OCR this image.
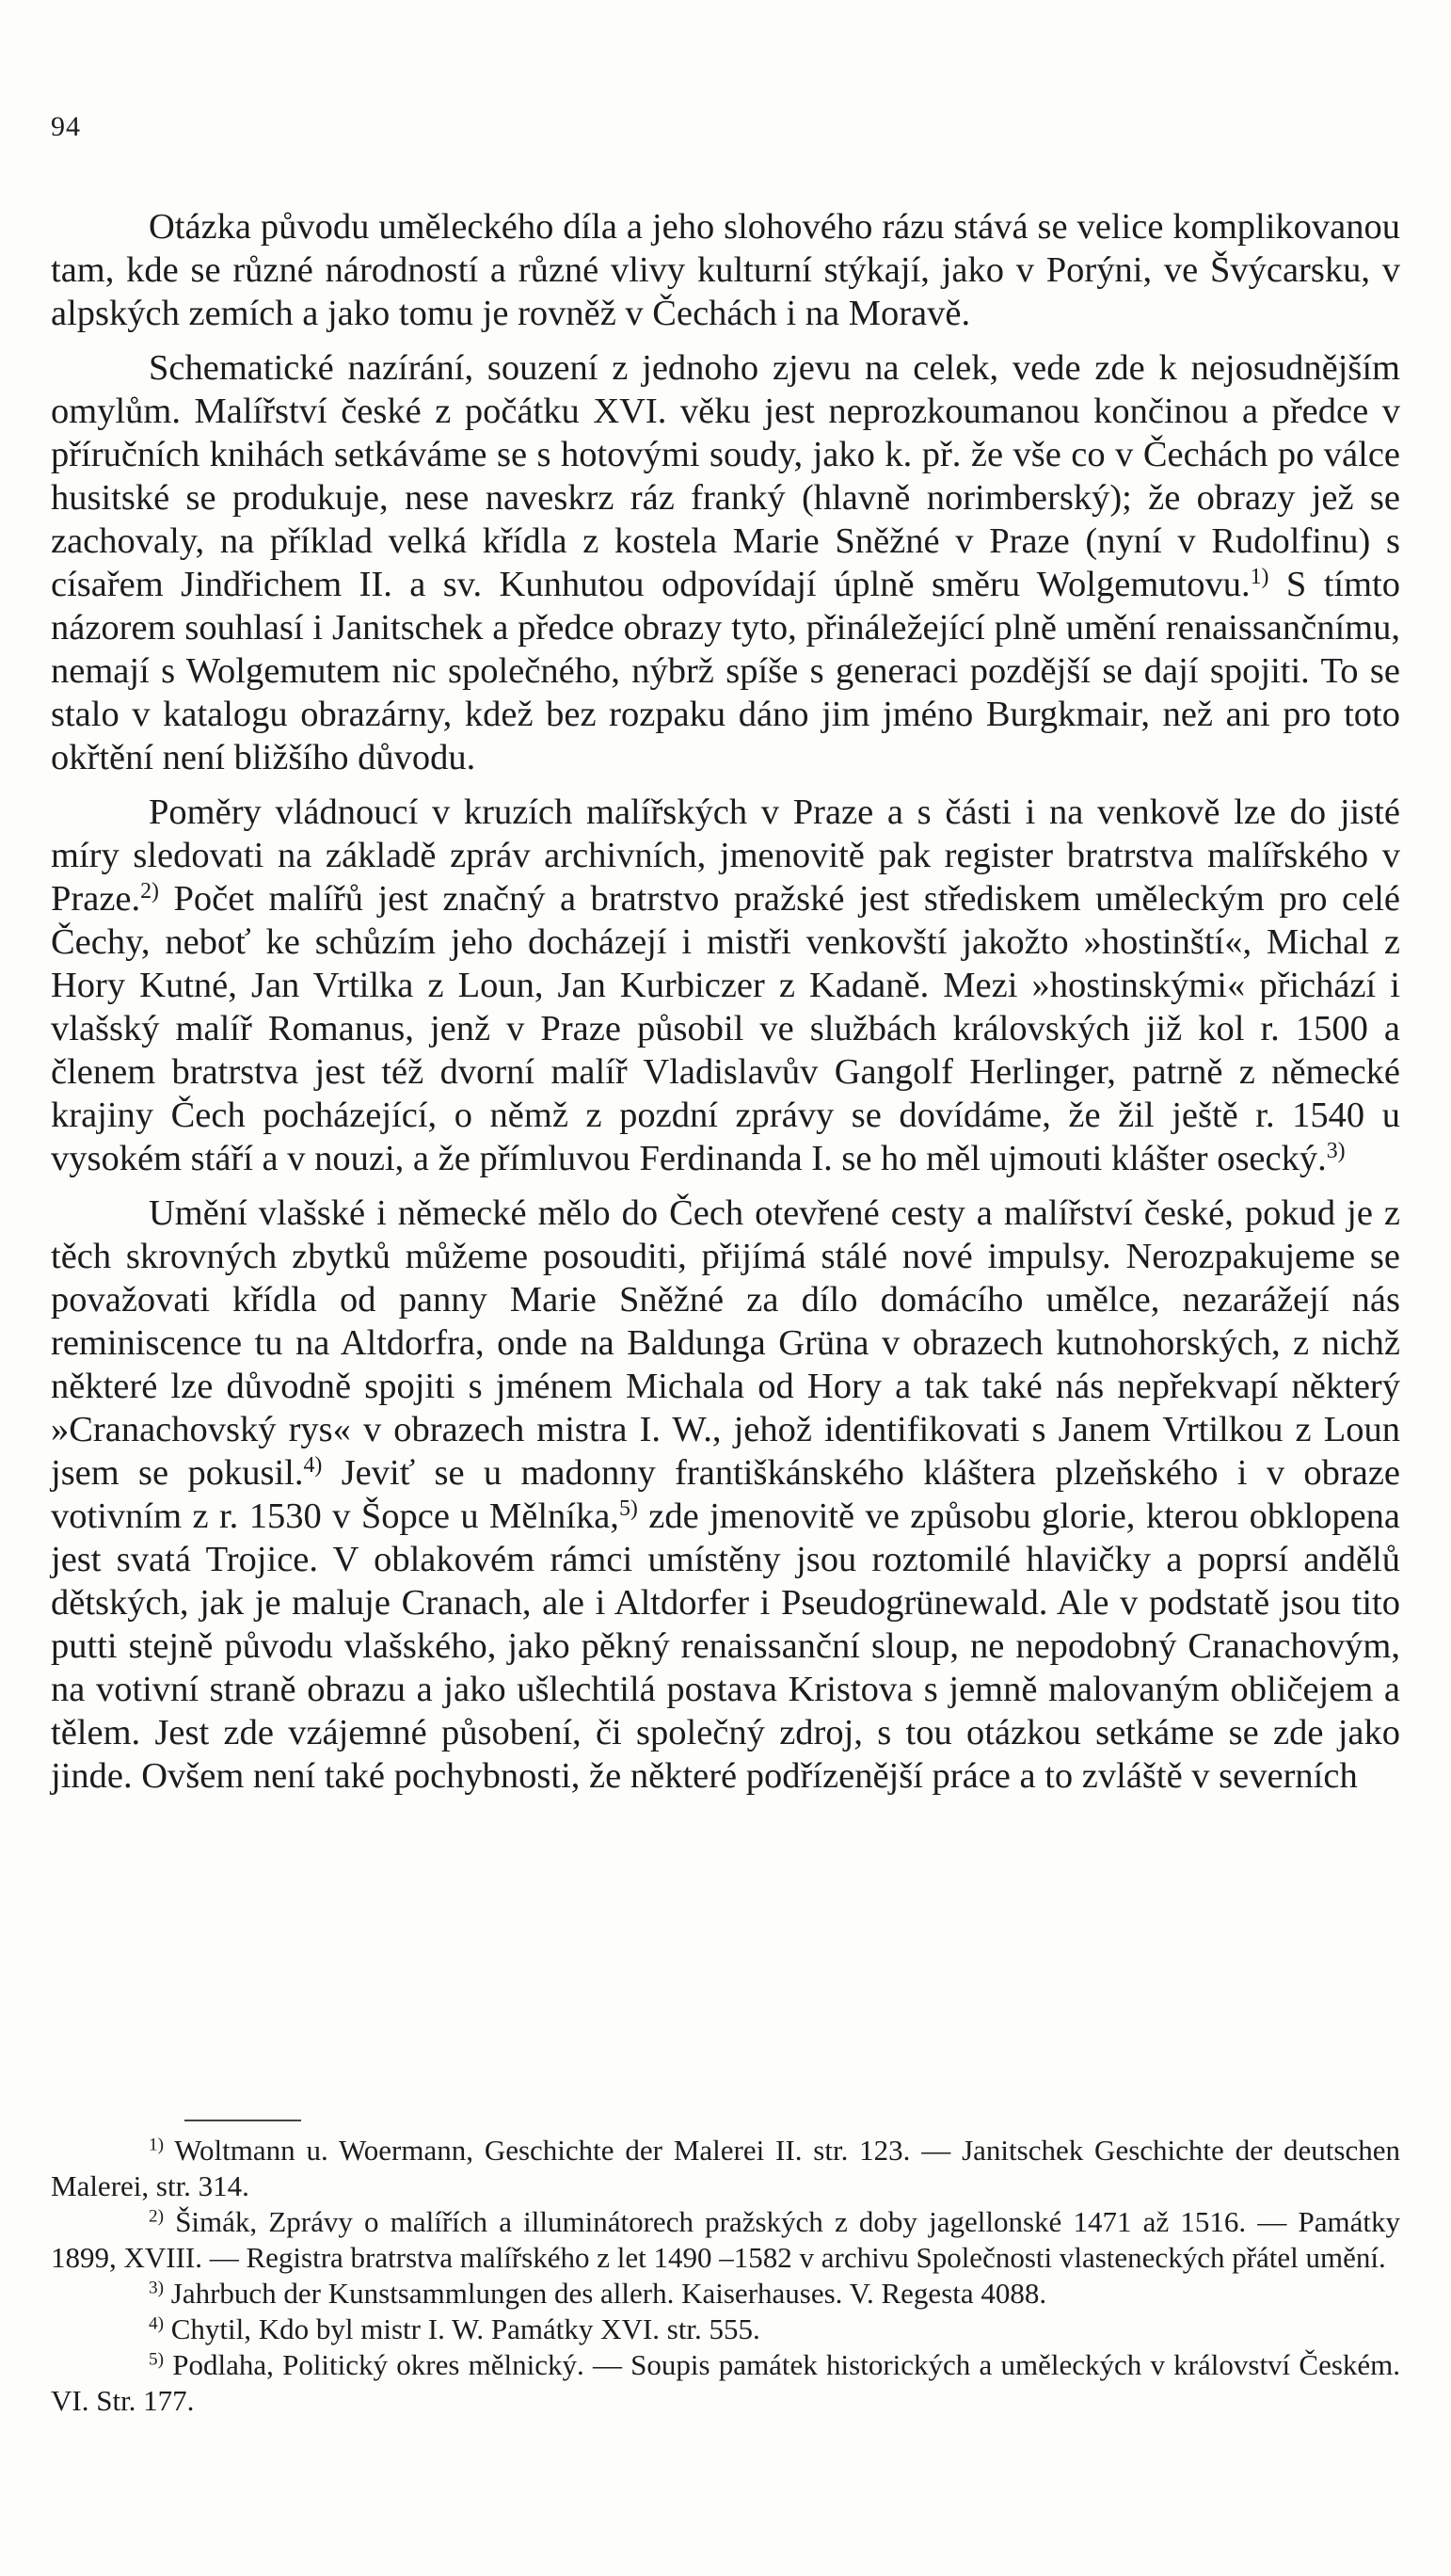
94

Otázka původu uměleckého díla a jeho slohového rázu stává se velice komplikovanou tam, kde se různé národností a různé vlivy kulturní stýkají, jako v Porýni, ve Švýcarsku, v alpských zemích a jako tomu je rovněž v Čechách i na Moravě.

Schematické nazírání, souzení z jednoho zjevu na celek, vede zde k nejosudnějším omylům. Malířství české z počátku XVI. věku jest neprozkoumanou končinou a předce v příručních knihách setkáváme se s hotovými soudy, jako k. př. že vše co v Čechách po válce husitské se produkuje, nese naveskrz ráz franký (hlavně norimberský); že obrazy jež se zachovaly, na příklad velká křídla z kostela Marie Sněžné v Praze (nyní v Rudolfinu) s císařem Jindřichem II. a sv. Kunhutou odpovídají úplně směru Wolgemutovu.$^{1)}$ S tímto názorem souhlasí i Janitschek a předce obrazy tyto, přináležející plně umění renaissančnímu, nemají s Wolgemutem nic společného, nýbrž spíše s generaci pozdější se dají spojiti. To se stalo v katalogu obrazárny, kdež bez rozpaku dáno jim jméno Burgkmair, než ani pro toto okřtění není bližšího důvodu.

Poměry vládnoucí v kruzích malířských v Praze a s části i na venkově lze do jisté míry sledovati na základě zpráv archivních, jmenovitě pak register bratrstva malířského v Praze.$^{2)}$ Počet malířů jest značný a bratrstvo pražské jest střediskem uměleckým pro celé Čechy, neboť ke schůzím jeho docházejí i mistři venkovští jakožto »hostinští«, Michal z Hory Kutné, Jan Vrtilka z Loun, Jan Kurbiczer z Kadaně. Mezi »hostinskými« přichází i vlašský malíř Romanus, jenž v Praze působil ve službách královských již kol r. 1500 a členem bratrstva jest též dvorní malíř Vladislavův Gangolf Herlinger, patrně z německé krajiny Čech pocházející, o němž z pozdní zprávy se dovídáme, že žil ještě r. 1540 u vysokém stáří a v nouzi, a že přímluvou Ferdinanda I. se ho měl ujmouti klášter osecký.$^{3)}$

Umění vlašské i německé mělo do Čech otevřené cesty a malířství české, pokud je z těch skrovných zbytků můžeme posouditi, přijímá stálé nové impulsy. Nerozpakujeme se považovati křídla od panny Marie Sněžné za dílo domácího umělce, nezarážejí nás reminiscence tu na Altdorfra, onde na Baldunga Grüna v obrazech kutnohorských, z nichž některé lze důvodně spojiti s jménem Michala od Hory a tak také nás nepřekvapí některý »Cranachovský rys« v obrazech mistra I. W., jehož identifikovati s Janem Vrtilkou z Loun jsem se pokusil.$^{4)}$ Jeviť se u madonny františkánského kláštera plzeňského i v obraze votivním z r. 1530 v Šopce u Mělníka,$^{5)}$ zde jmenovitě ve způsobu glorie, kterou obklopena jest svatá Trojice. V oblakovém rámci umístěny jsou roztomilé hlavičky a poprsí andělů dětských, jak je maluje Cranach, ale i Altdorfer i Pseudogrünewald. Ale v podstatě jsou tito putti stejně původu vlašského, jako pěkný renaissanční sloup, ne nepodobný Cranachovým, na votivní straně obrazu a jako ušlechtilá postava Kristova s jemně malovaným obličejem a tělem. Jest zde vzájemné působení, či společný zdroj, s tou otázkou setkáme se zde jako jinde. Ovšem není také pochybnosti, že některé podřízenější práce a to zvláště v severních

$^{1)}$ Woltmann u. Woermann, Geschichte der Malerei II. str. 123. — Janitschek Geschichte der deutschen Malerei, str. 314.

$^{2)}$ Šimák, Zprávy o malířích a illuminátorech pražských z doby jagellonské 1471 až 1516. — Památky 1899, XVIII. — Registra bratrstva malířského z let 1490 –1582 v archivu Společnosti vlasteneckých přátel umění.

$^{3)}$ Jahrbuch der Kunstsammlungen des allerh. Kaiserhauses. V. Regesta 4088.

$^{4)}$ Chytil, Kdo byl mistr I. W. Památky XVI. str. 555.

$^{5)}$ Podlaha, Politický okres mělnický. — Soupis památek historických a uměleckých v království Českém. VI. Str. 177.
